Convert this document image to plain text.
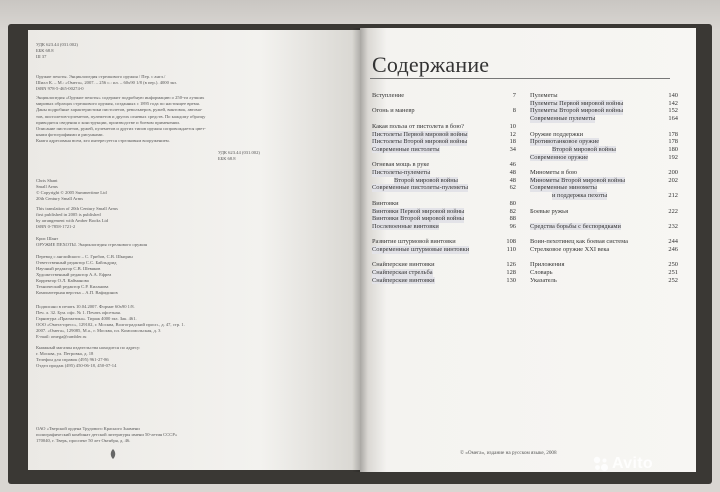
УДК 623.44 (031.002)
ББК 68.8
Ш 37
Оружие пехоты. Энциклопедия стрелкового оружия / Пер. с англ./
Шилл К. – М.: «Омега», 2007. – 256 с.: ил. – 60х90 1/8 (в пер.). 4000 экз.
ISBN 978-5-465-00274-0
Энциклопедия «Оружие пехоты» содержит подробную информацию о 250-ти лучших
мировых образцах стрелкового оружия, созданных с 1895 года по настоящее время.
Даны подробные характеристики пистолетов, револьверов, ружей, винтовок, автома-
тов, пистолетов-пулеметов, пулеметов и других огневых средств. По каждому образцу
приводятся сведения о конструкции, производстве и боевом применении.
Описание пистолетов, ружей, пулеметов и других типов оружия сопровождается цвет-
ными фотографиями и рисунками.
Книга адресована всем, кто интересуется стрелковым вооружением.
УДК 623.44 (031.002)
ББК 68.8
Chris Shant
Small Arms
© Copyright © 2005 Summertime Ltd
20th Century Small Arms
This translation of 20th Century Small Arms
first published in 2005 is published
by arrangement with Amber Books Ltd
ISBN 0-7858-1721-2
Крис Шант
ОРУЖИЕ ПЕХОТЫ. Энциклопедия стрелкового оружия
Перевод с английского – С. Грибов, С.В. Шкирин
Ответственный редактор С.С. Байльдрид
Научный редактор С.В. Шевяков
Художественный редактор А.А. Ефреа
Корректор О.Л. Кайманова
Технический редактор С.Р. Киланова
Компьютерная верстка – А.П. Вафидинов
Подписано в печать 10.04.2007. Формат 60х90 1/8.
Печ. л. 32. Бум. офс. № 1. Печать офсетная.
Гарнитура «Прагматика». Тираж 4000 экз. Зак. 461.
ООО «Омега-пресс», 129102, г. Москва, Волгоградский просп., д. 47, стр. 1.
2007. «Омега», 129085, М.а., г. Москва, пл. Комсомольская, д. 3
E-mail: omega@rambler.ru
Книжный магазин издательства находится по адресу:
г. Москва, ул. Петровка, д. 18
Телефон для справок (495) 961-27-86
Отдел продаж (495) 450-06-18, 450-07-14
ОАО «Тверской ордена Трудового Красного Знамени
полиграфический комбинат детской литературы имени 50-летия СССР»
170040, г. Тверь, проспект 50 лет Октября, д. 46.
Содержание
Вступление	7
Огонь и маневр	8
Какая польза от пистолета в бою?	10
Пистолеты Первой мировой войны	12
Пистолеты Второй мировой войны	18
Современные пистолеты	34
Огневая мощь в руке	46
Пистолеты-пулеметы	48
Второй мировой войны	48
Современные пистолеты-пулеметы	62
Винтовки	80
Винтовки Первой мировой войны	82
Винтовки Второй мировой войны	88
Послевоенные винтовки	96
Развитие штурмовой винтовки	108
Современные штурмовые винтовки	110
Снайперские винтовки	126
Снайперская стрельба	128
Снайперские винтовки	130
Пулеметы	140
Пулеметы Первой мировой войны	142
Пулеметы Второй мировой войны	152
Современные пулеметы	164
Оружие поддержки	178
Противотанковое оружие	178
Второй мировой войны	180
Современное оружие	192
Минометы в бою	200
Минометы Второй мировой войны	202
Современные минометы
и поддержка пехоты	212
Боевые ружья	222
Средства борьбы с беспорядками	232
Воин-пехотинец как боевая система	244
Стрелковое оружие XXI века	246
Приложения	250
Словарь	251
Указатель	252
© «Омега», издание на русском языке, 2008
Avito
